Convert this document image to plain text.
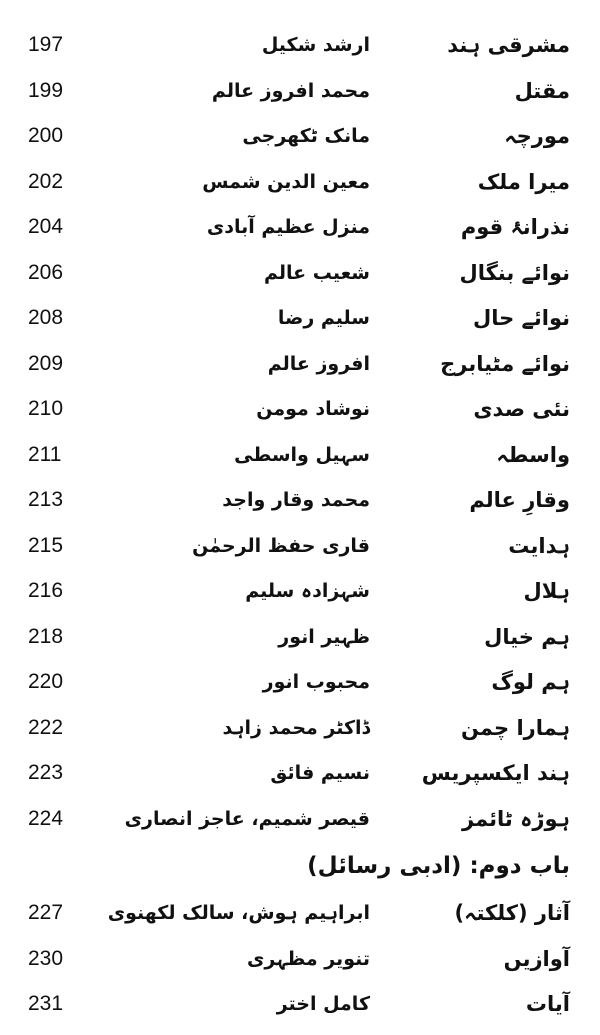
مشرقی ہند
ارشد شکیل
197
مقتل
محمد افروز عالم
199
مورچہ
مانک ٹکھرجی
200
میرا ملک
معین الدین شمس
202
نذرانۂ قوم
منزل عظیم آبادی
204
نوائے بنگال
شعیب عالم
206
نوائے حال
سلیم رضا
208
نوائے مٹیابرج
افروز عالم
209
نئی صدی
نوشاد مومن
210
واسطہ
سہیل واسطی
211
وقارِ عالم
محمد وقار واجد
213
ہدایت
قاری حفظ الرحمٰن
215
ہلال
شہزادہ سلیم
216
ہم خیال
ظہیر انور
218
ہم لوگ
محبوب انور
220
ہمارا چمن
ڈاکٹر محمد زاہد
222
ہند ایکسپریس
نسیم فائق
223
ہوڑہ ٹائمز
قیصر شمیم، عاجز انصاری
224
باب دوم: (ادبی رسائل)
آثار (کلکتہ)
ابراہیم ہوش، سالک لکھنوی
227
آوازیں
تنویر مظہری
230
آیات
کامل اختر
231
